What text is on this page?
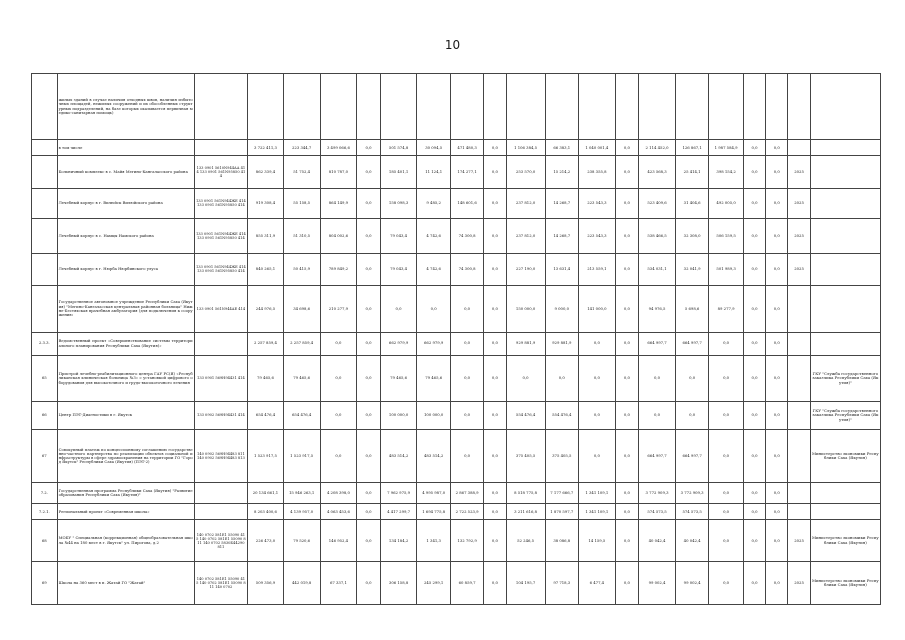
10
	жилых зданий в случае наличия отходных швов, наличия избыточных площадей, нежилых сооружений и их обособленных структурных подразделений, на базе которых оказывается первичная медико-санитарная помощь)																				
	в том числе		3 722 411,3	223 344,7	3 499 066,6	0,0	501 574,8	30 094,5	471 480,3	0,0	1 106 384,5	66 383,1	1 040 001,4	0,0	2 114 452,0	126 867,1	1 987 584,9	0,0	0,0		
	Больничный комплекс в с. Майя Мегино-Кангаласского района	133 0901 5610N944АА 414 133 0901 561N95850 414	862 339,4	51 752,4	810 787,0	0,0	185 401,1	11 124,1	174 277,1	0,0	253 570,0	15 214,2	238 355,8	0,0	423 568,3	25 414,1	398 154,2	0,0	0,0	2025	
	Лечебный корпус в г. Вилюйск Вилюйского района	133 0901 561N944ЖЕ 414 133 0901 561N95850 414	919 308,4	55 158,5	864 149,9	0,0	158 098,3	9 485,2	148 601,6	0,0	237 812,0	14 268,7	223 543,3	0,0	523 409,6	31 404,6	492 005,0	0,0	0,0	2025	
	Лечебный корпус в с. Намцы Намского района	133 0901 561N944ЖЕ 414 133 0901 561N95850 414	855 311,9	51 310,5	804 002,6	0,0	79 043,4	4 742,6	74 300,8	0,0	237 812,0	14 268,7	223 543,3	0,0	538 466,5	32 308,0	506 159,5	0,0	0,0	2025	
	Лечебный корпус в г. Нюрба Нюрбинского улуса	133 0901 561N944ЖЕ 414 133 0901 561N95850 414	840 265,1	50 415,9	789 849,2	0,0	79 043,4	4 742,6	74 300,8	0,0	227 190,0	13 631,4	213 559,1	0,0	534 031,1	32 041,9	501 989,3	0,0	0,0	2025	
	Государственное автономное учреждение Республики Саха (Якутия) "Мегино-Кангаласская центральная районная больница" Нижне-Бестяхская врачебная амбулатория (для подключения к сооружению	133 0901 561N944АЕ 414	244 976,5	34 698,6	210 277,9	0,0	0,0	0,0	0,0	0,0	150 000,0	9 000,0	141 000,0	0,0	94 976,5	5 698,6	89 277,9	0,0	0,0		
2.3.3.	Ведомственный проект «Совершенствование системы территориального планирования Республики Саха (Якутия)»		2 257 859,4	2 257 859,4	0,0	0,0	662 979,9	662 979,9	0,0	0,0	929 881,9	929 881,9	0,0	0,0	664 997,7	664 997,7	0,0	0,0	0,0		
65	Пристрой лечебно-реабилитационного центра ГАУ РС(Я) «Республиканская клиническая больница №3» с установкой цифрового оборудования для высокоточного и грудо-высокоточного лечения	133 0901 569Н94431 414	79 465,6	79 465,6	0,0	0,0	79 465,6	79 465,6	0,0	0,0	0,0	0,0	0,0	0,0	0,0	0,0	0,0	0,0	0,0		ГКУ "Служба государственного заказчика Республики Саха (Якутия)"
66	Центр ПЭТ-Диагностики в г. Якутск	133 0902 569Н94431 414	654 476,4	654 476,4	0,0	0,0	100 000,0	100 000,0	0,0	0,0	554 476,4	554 476,4	0,0	0,0	0,0	0,0	0,0	0,0	0,0		ГКУ "Служба государственного заказчика Республики Саха (Якутия)"
67	Совокупный платеж по концессионному соглашению государственно-частного партнерства по реализации объектов социальной инфраструктуры в сфере здравоохранения на территории ГО "Город Якутск" Республики Саха (Якутия) (ПЭТ-2)	140 0902 569Н94483 811 140 0902 569Н94483 813	1 523 917,5	1 523 917,5	0,0	0,0	483 514,2	483 514,2	0,0	0,0	375 405,5	375 405,5	0,0	0,0	664 997,7	664 997,7	0,0	0,0	0,0		Министерство экономики Республики Саха (Якутия)
7.2.	Государственная программа Республики Саха (Якутия) "Развитие образования Республики Саха (Якутия)"		20 134 661,1	15 946 263,1	4 208 398,0	0,0	7 962 975,9	4 995 987,0	2 867 388,9	0,0	8 518 775,8	7 177 666,7	1 341 109,1	0,0	3 772 909,3	3 772 909,3	0,0	0,0	0,0		
7.2.1.	Региональный проект «Современная школа»		8 203 400,6	4 139 957,0	4 063 453,6	0,0	4 417 299,7	1 694 775,8	2 722 523,9	0,0	3 211 616,8	1 870 597,7	1 341 109,1	0,0	574 573,5	574 573,5	0,0	0,0	0,0		
68	МОБУ " Специальная (коррекционная) общеобразовательная школа №44 на 180 мест в г. Якутск" ул. Пирогова, д.2	140 0702 581Е1 55090 415 140 0702 581Е1 55090 811 140 0702 5830Б44290 811	226 473,0	79 520,6	146 952,4	0,0	134 184,2	1 341,3	132 792,9	0,0	52 246,5	38 086,8	14 159,5	0,0	40 042,4	40 042,4	0,0	0,0	0,0	2025	Министерство экономики Республики Саха (Якутия)
69	Школа на 360 мест в п. Жатай ГО "Жатай"	140 0702 581Е1 55090 415 140 0702 581Е1 55090 811 140 0702	509 356,9	442 019,8	67 337,1	0,0	306 158,8	245 299,1	60 859,7	0,0	104 195,7	97 718,3	6 477,4	0,0	99 002,4	99 002,4	0,0	0,0	0,0	2025	Министерство экономики Республики Саха (Якутия)
